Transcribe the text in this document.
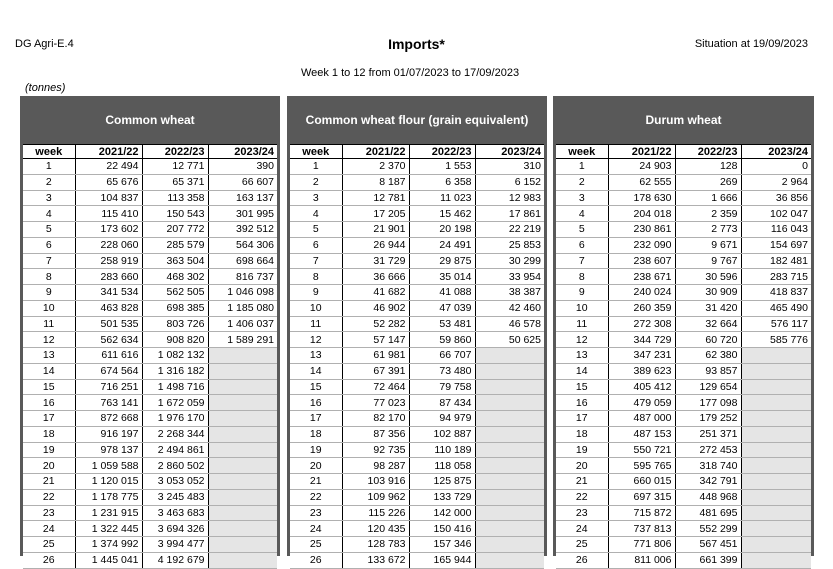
DG Agri-E.4	Imports*	Situation at 19/09/2023
Week 1 to 12 from 01/07/2023 to 17/09/2023
(tonnes)
Common wheat
week	2021/22	2022/23	2023/24
1	22 494	12 771	390
2	65 676	65 371	66 607
3	104 837	113 358	163 137
4	115 410	150 543	301 995
5	173 602	207 772	392 512
6	228 060	285 579	564 306
7	258 919	363 504	698 664
8	283 660	468 302	816 737
9	341 534	562 505	1 046 098
10	463 828	698 385	1 185 080
11	501 535	803 726	1 406 037
12	562 634	908 820	1 589 291
13	611 616	1 082 132	
14	674 564	1 316 182	
15	716 251	1 498 716	
16	763 141	1 672 059	
17	872 668	1 976 170	
18	916 197	2 268 344	
19	978 137	2 494 861	
20	1 059 588	2 860 502	
21	1 120 015	3 053 052	
22	1 178 775	3 245 483	
23	1 231 915	3 463 683	
24	1 322 445	3 694 326	
25	1 374 992	3 994 477	
26	1 445 041	4 192 679	
Common wheat flour (grain equivalent)
week	2021/22	2022/23	2023/24
1	2 370	1 553	310
2	8 187	6 358	6 152
3	12 781	11 023	12 983
4	17 205	15 462	17 861
5	21 901	20 198	22 219
6	26 944	24 491	25 853
7	31 729	29 875	30 299
8	36 666	35 014	33 954
9	41 682	41 088	38 387
10	46 902	47 039	42 460
11	52 282	53 481	46 578
12	57 147	59 860	50 625
13	61 981	66 707	
14	67 391	73 480	
15	72 464	79 758	
16	77 023	87 434	
17	82 170	94 979	
18	87 356	102 887	
19	92 735	110 189	
20	98 287	118 058	
21	103 916	125 875	
22	109 962	133 729	
23	115 226	142 000	
24	120 435	150 416	
25	128 783	157 346	
26	133 672	165 944	
Durum wheat
week	2021/22	2022/23	2023/24
1	24 903	128	0
2	62 555	269	2 964
3	178 630	1 666	36 856
4	204 018	2 359	102 047
5	230 861	2 773	116 043
6	232 090	9 671	154 697
7	238 607	9 767	182 481
8	238 671	30 596	283 715
9	240 024	30 909	418 837
10	260 359	31 420	465 490
11	272 308	32 664	576 117
12	344 729	60 720	585 776
13	347 231	62 380	
14	389 623	93 857	
15	405 412	129 654	
16	479 059	177 098	
17	487 000	179 252	
18	487 153	251 371	
19	550 721	272 453	
20	595 765	318 740	
21	660 015	342 791	
22	697 315	448 968	
23	715 872	481 695	
24	737 813	552 299	
25	771 806	567 451	
26	811 006	661 399	
